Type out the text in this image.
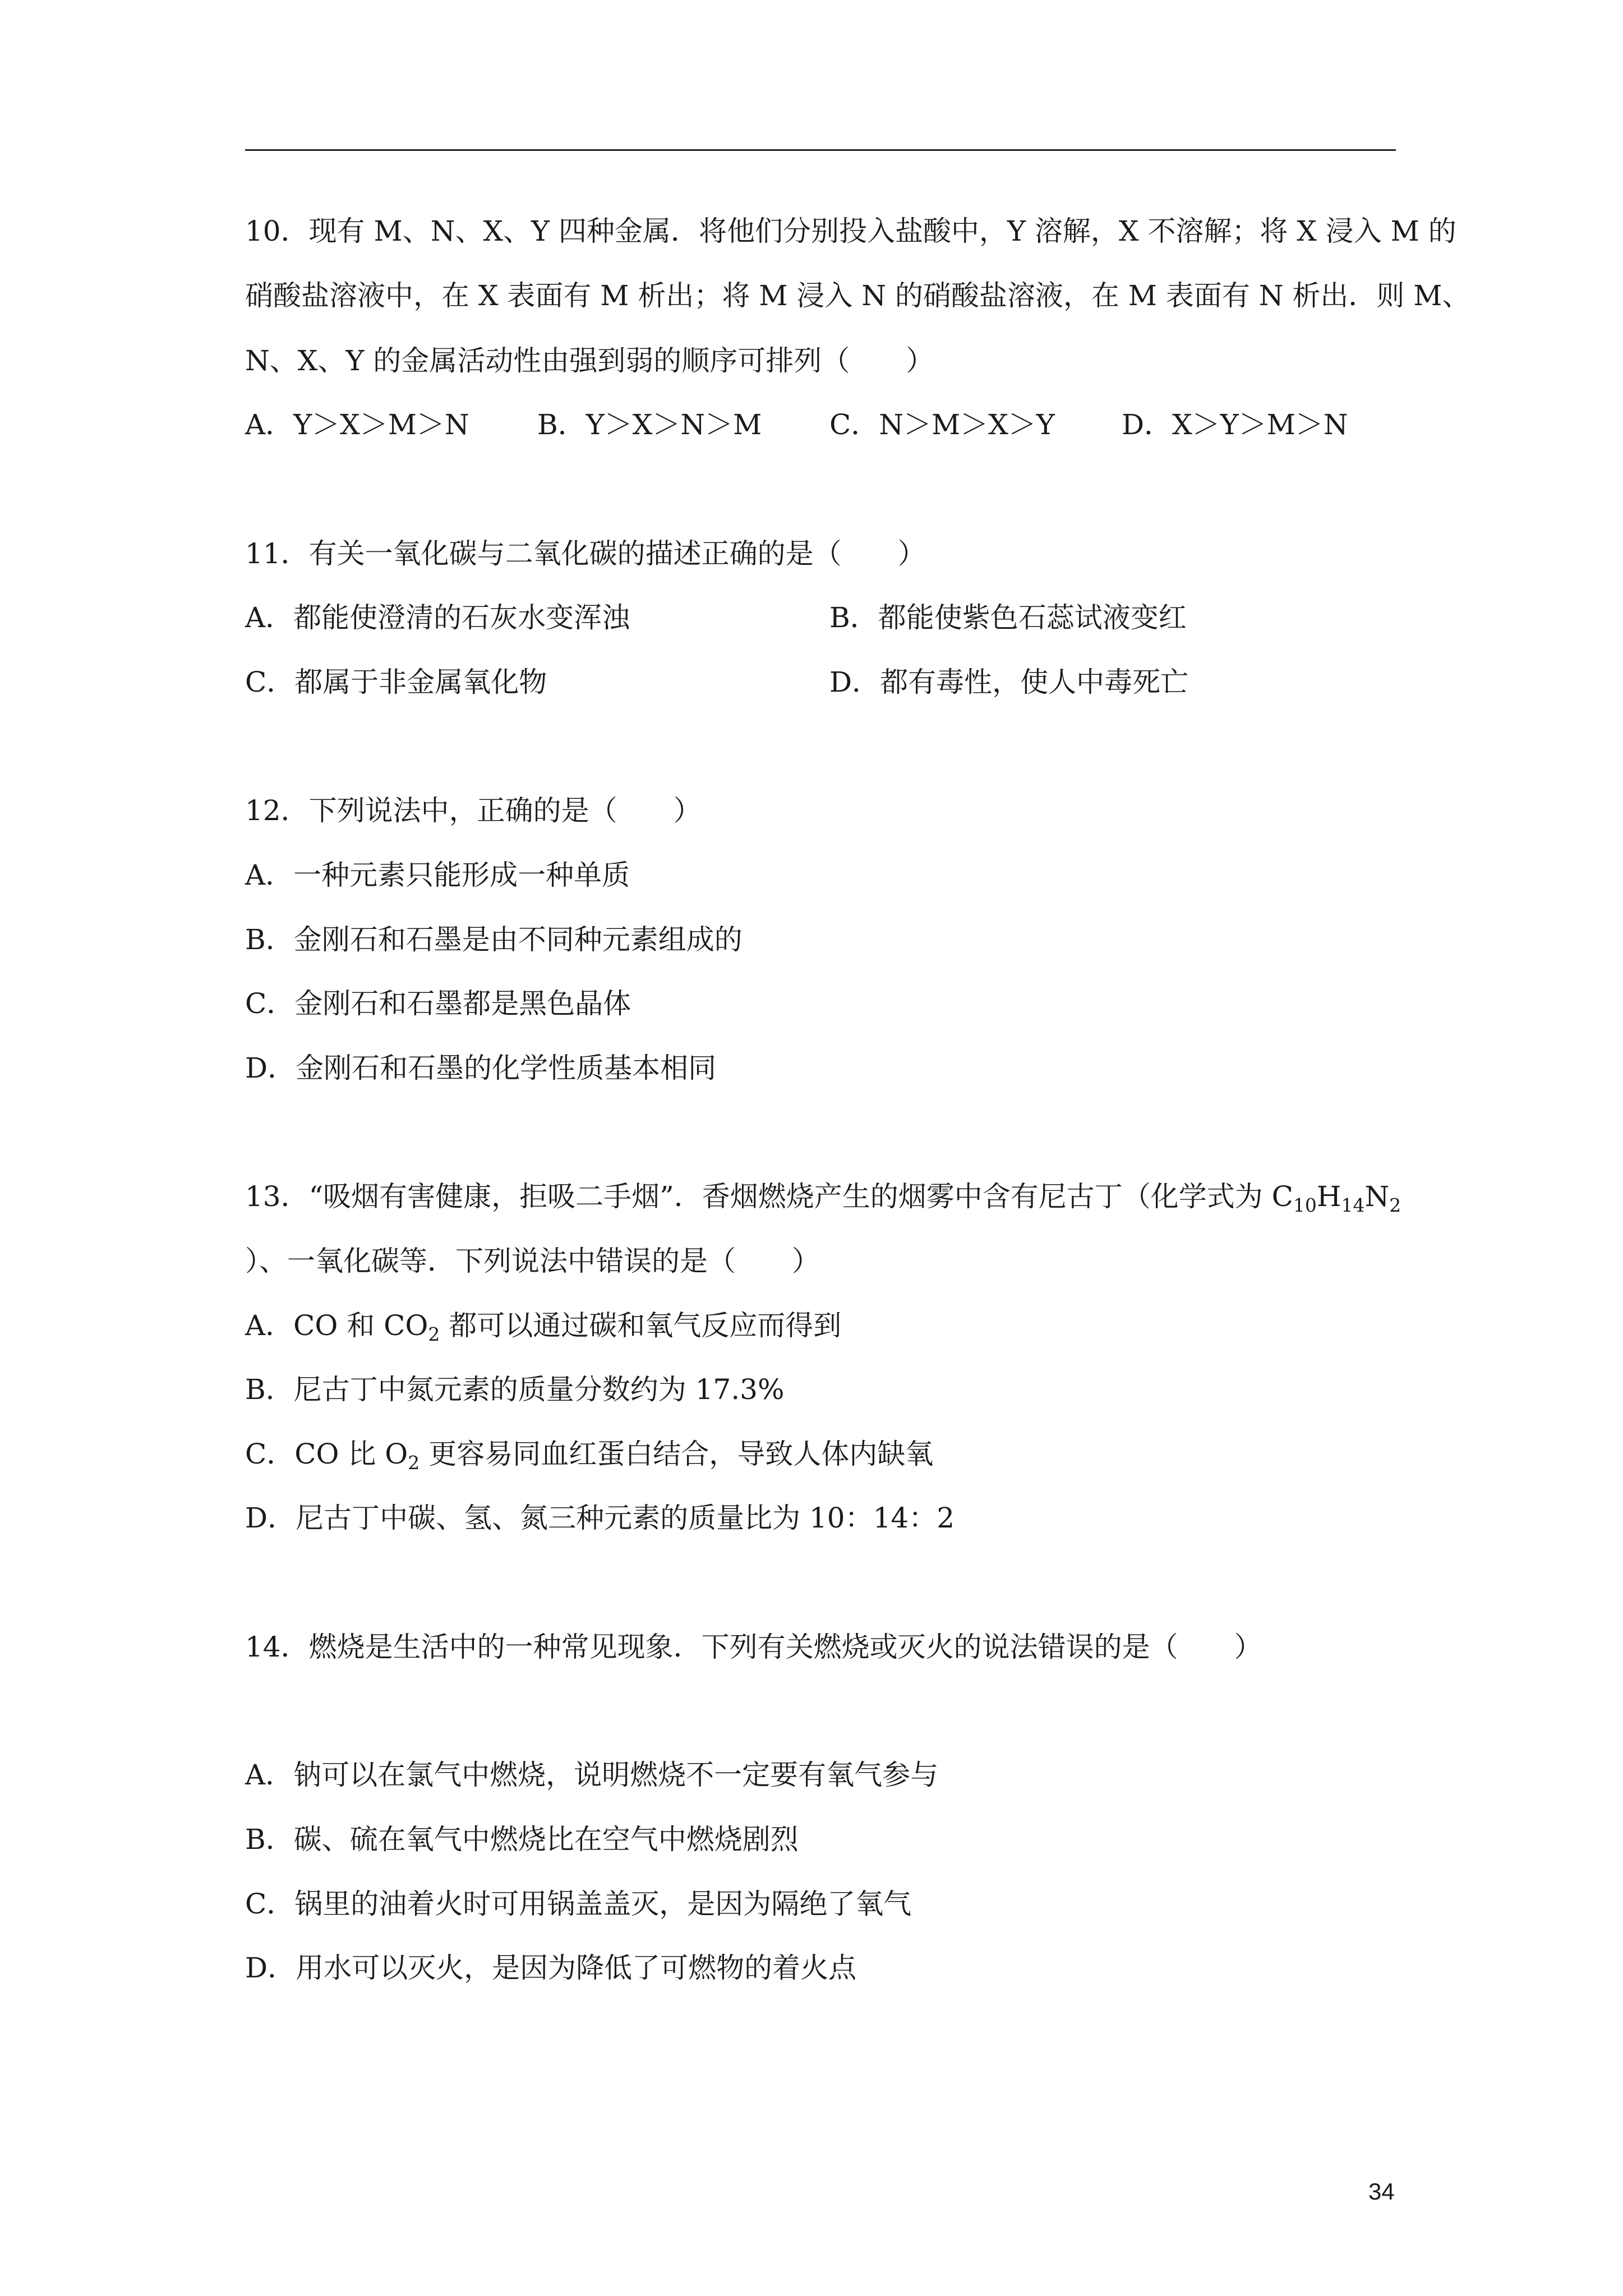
10．现有 M、N、X、Y 四种金属．将他们分别投入盐酸中，Y 溶解，X 不溶解；将 X 浸入 M 的
硝酸盐溶液中，在 X 表面有 M 析出；将 M 浸入 N 的硝酸盐溶液，在 M 表面有 N 析出．则 M、
N、X、Y 的金属活动性由强到弱的顺序可排列（　　）
A．Y＞X＞M＞N B．Y＞X＞N＞M C．N＞M＞X＞Y D．X＞Y＞M＞N
11．有关一氧化碳与二氧化碳的描述正确的是（　　）
A．都能使澄清的石灰水变浑浊	B．都能使紫色石蕊试液变红
C．都属于非金属氧化物	D．都有毒性，使人中毒死亡
12．下列说法中，正确的是（　　）
A．一种元素只能形成一种单质
B．金刚石和石墨是由不同种元素组成的
C．金刚石和石墨都是黑色晶体
D．金刚石和石墨的化学性质基本相同
13．“吸烟有害健康，拒吸二手烟”．香烟燃烧产生的烟雾中含有尼古丁（化学式为 $C_{10}H_{14}N_2$
）、一氧化碳等．下列说法中错误的是（　　）
A．CO 和 $CO_2$ 都可以通过碳和氧气反应而得到
B．尼古丁中氮元素的质量分数约为 17.3%
C．CO 比 $O_2$ 更容易同血红蛋白结合，导致人体内缺氧
D．尼古丁中碳、氢、氮三种元素的质量比为 10：14：2
14．燃烧是生活中的一种常见现象．下列有关燃烧或灭火的说法错误的是（　　）
A．钠可以在氯气中燃烧，说明燃烧不一定要有氧气参与
B．碳、硫在氧气中燃烧比在空气中燃烧剧烈
C．锅里的油着火时可用锅盖盖灭，是因为隔绝了氧气
D．用水可以灭火，是因为降低了可燃物的着火点
34
